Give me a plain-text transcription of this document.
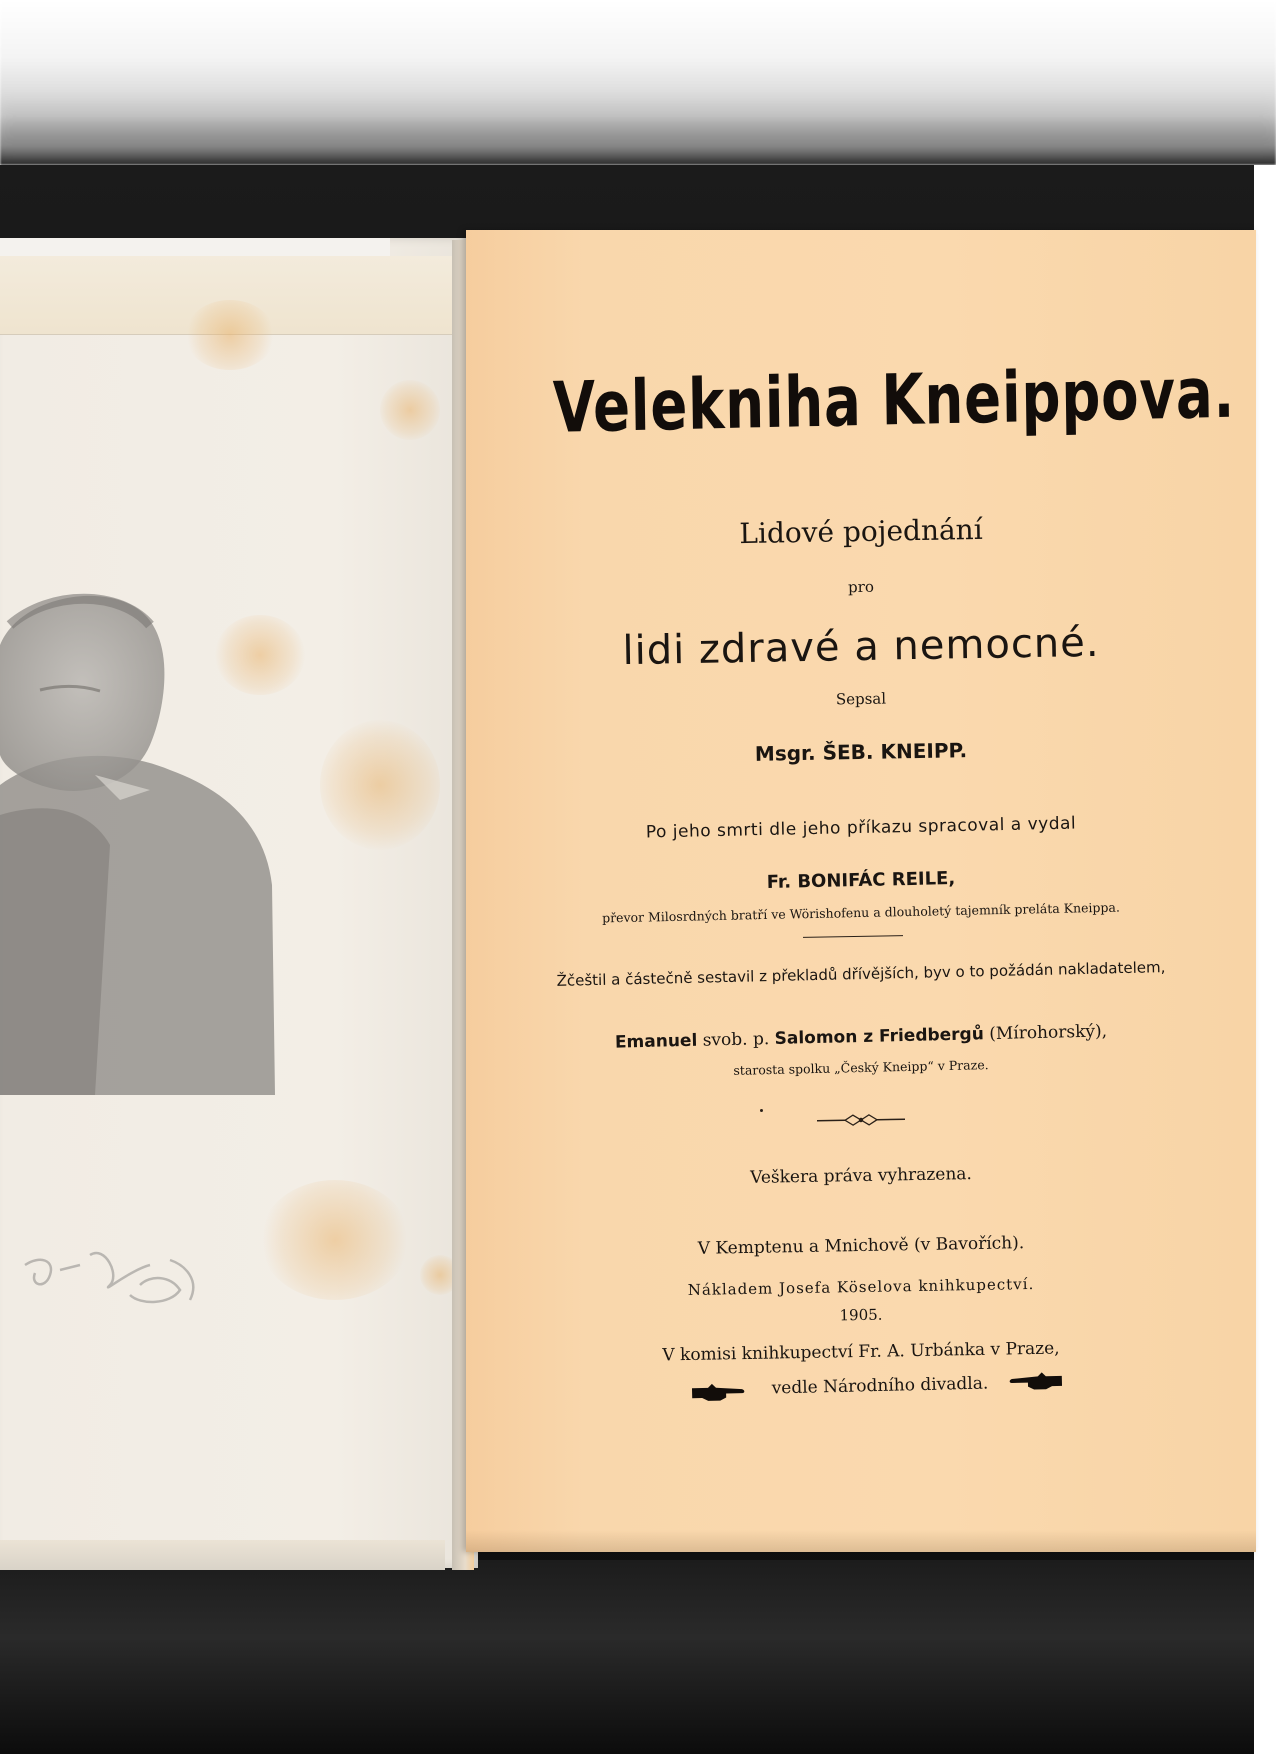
Velekniha Kneippova.
Lidové pojednání
pro
lidi zdravé a nemocné.
Sepsal
Msgr. ŠEB. KNEIPP.
Po jeho smrti dle jeho příkazu spracoval a vydal
Fr. BONIFÁC REILE,
převor Milosrdných bratří ve Wörishofenu a dlouholetý tajemník preláta Kneippa.
Žčeštil a částečně sestavil z překladů dřívějších, byv o to požádán nakladatelem,
Emanuel svob. p. Salomon z Friedbergů (Mírohorský),
starosta spolku „Český Kneipp“ v Praze.
Veškera práva vyhrazena.
V Kemptenu a Mnichově (v Bavořích).
Nákladem Josefa Köselova knihkupectví.
1905.
V komisi knihkupectví Fr. A. Urbánka v Praze,
vedle Národního divadla.
